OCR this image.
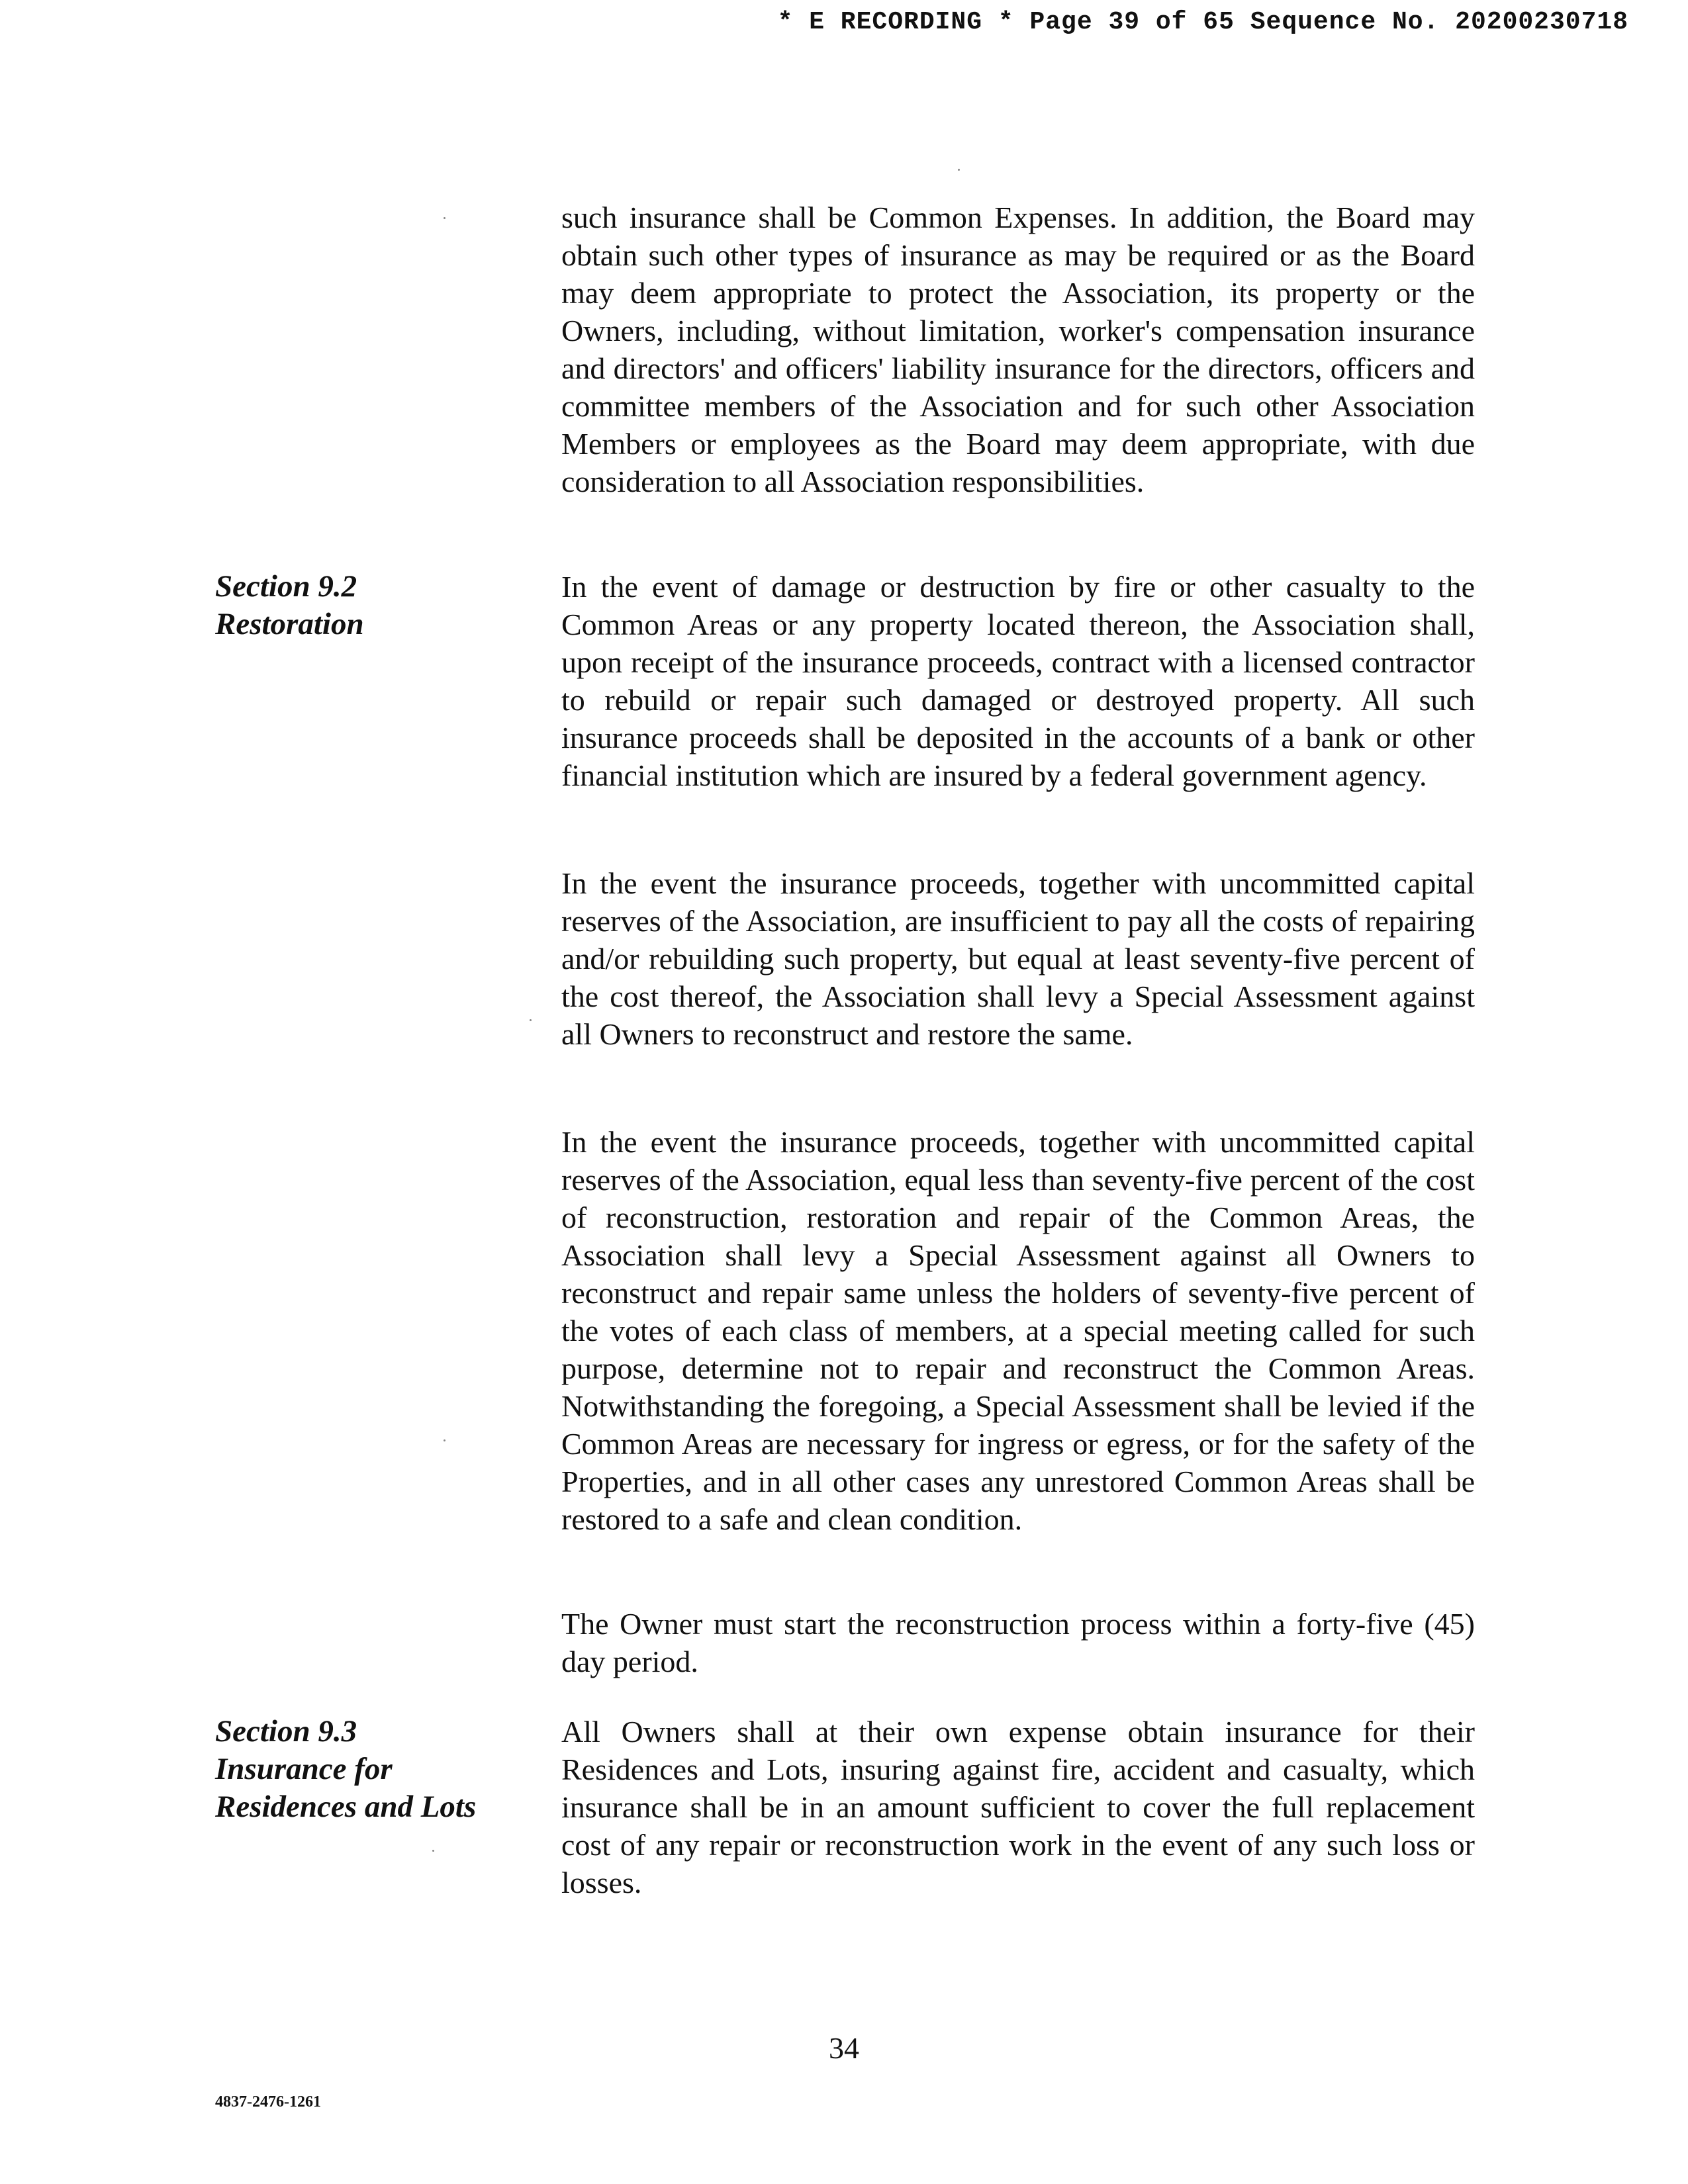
* E RECORDING * Page 39 of 65 Sequence No. 20200230718

such insurance shall be Common Expenses. In addition, the Board may obtain such other types of insurance as may be required or as the Board may deem appropriate to protect the Association, its property or the Owners, including, without limitation, worker's compensation insurance and directors' and officers' liability insurance for the directors, officers and committee members of the Association and for such other Association Members or employees as the Board may deem appropriate, with due consideration to all Association responsibilities.

Section 9.2
Restoration

In the event of damage or destruction by fire or other casualty to the Common Areas or any property located thereon, the Association shall, upon receipt of the insurance proceeds, contract with a licensed contractor to rebuild or repair such damaged or destroyed property. All such insurance proceeds shall be deposited in the accounts of a bank or other financial institution which are insured by a federal government agency.

In the event the insurance proceeds, together with uncommitted capital reserves of the Association, are insufficient to pay all the costs of repairing and/or rebuilding such property, but equal at least seventy-five percent of the cost thereof, the Association shall levy a Special Assessment against all Owners to reconstruct and restore the same.

In the event the insurance proceeds, together with uncommitted capital reserves of the Association, equal less than seventy-five percent of the cost of reconstruction, restoration and repair of the Common Areas, the Association shall levy a Special Assessment against all Owners to reconstruct and repair same unless the holders of seventy-five percent of the votes of each class of members, at a special meeting called for such purpose, determine not to repair and reconstruct the Common Areas. Notwithstanding the foregoing, a Special Assessment shall be levied if the Common Areas are necessary for ingress or egress, or for the safety of the Properties, and in all other cases any unrestored Common Areas shall be restored to a safe and clean condition.

The Owner must start the reconstruction process within a forty-five (45) day period.

Section 9.3
Insurance for
Residences and Lots

All Owners shall at their own expense obtain insurance for their Residences and Lots, insuring against fire, accident and casualty, which insurance shall be in an amount sufficient to cover the full replacement cost of any repair or reconstruction work in the event of any such loss or losses.

34
4837-2476-1261
